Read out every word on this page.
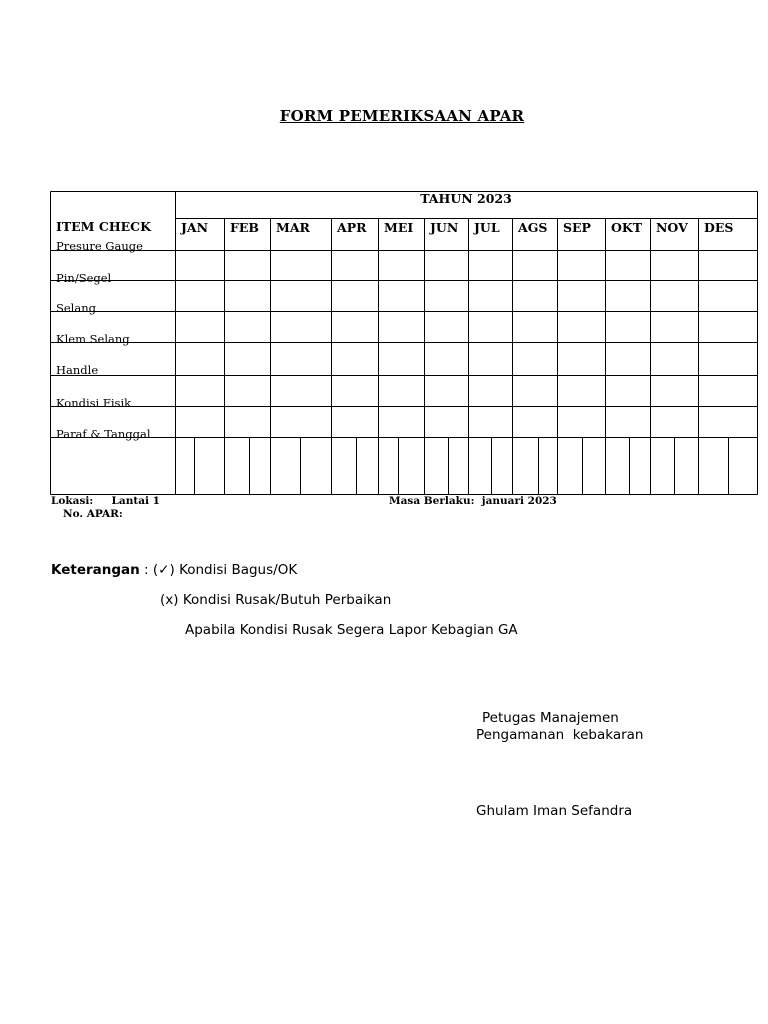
FORM PEMERIKSAAN APAR
TAHUN 2023
ITEM CHECK JAN FEB MAR APR MEI JUN JUL AGS SEP OKT NOV DES
Presure Gauge
Pin/Segel
Selang
Klem Selang
Handle
Kondisi Fisik
Paraf & Tanggal
Lokasi: Lantai 1	Masa Berlaku: januari 2023
No. APAR:
Keterangan : (✓) Kondisi Bagus/OK
(x) Kondisi Rusak/Butuh Perbaikan
Apabila Kondisi Rusak Segera Lapor Kebagian GA
Petugas Manajemen
Pengamanan  kebakaran
Ghulam Iman Sefandra
